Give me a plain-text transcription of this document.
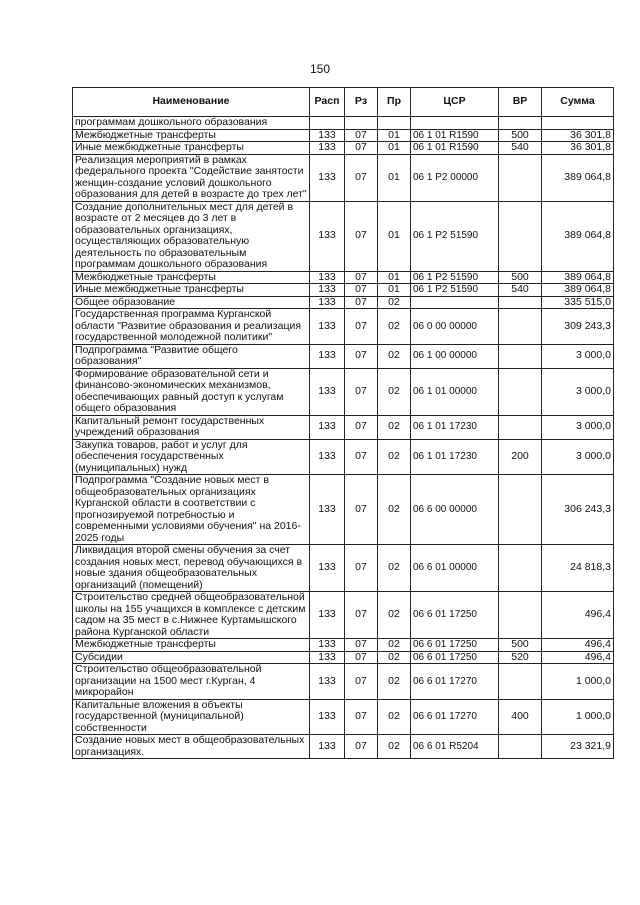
150
Наименование	Расп	Рз	Пр	ЦСР	ВР	Сумма
программам дошкольного образования						
Межбюджетные трансферты	133	07	01	06 1 01 R1590	500	36 301,8
Иные межбюджетные трансферты	133	07	01	06 1 01 R1590	540	36 301,8
Реализация мероприятий в рамках федерального проекта "Содействие занятости женщин-создание условий дошкольного образования для детей в возрасте до трех лет"	133	07	01	06 1 P2 00000		389 064,8
Создание дополнительных мест для детей в возрасте от 2 месяцев до 3 лет в образовательных организациях, осуществляющих образовательную деятельность по образовательным программам дошкольного образования	133	07	01	06 1 P2 51590		389 064,8
Межбюджетные трансферты	133	07	01	06 1 P2 51590	500	389 064,8
Иные межбюджетные трансферты	133	07	01	06 1 P2 51590	540	389 064,8
Общее образование	133	07	02			335 515,0
Государственная программа Курганской области "Развитие образования и реализация государственной молодежной политики"	133	07	02	06 0 00 00000		309 243,3
Подпрограмма "Развитие общего образования"	133	07	02	06 1 00 00000		3 000,0
Формирование образовательной сети и финансово-экономических механизмов, обеспечивающих равный доступ к услугам общего образования	133	07	02	06 1 01 00000		3 000,0
Капитальный ремонт государственных учреждений образования	133	07	02	06 1 01 17230		3 000,0
Закупка товаров, работ и услуг для обеспечения государственных (муниципальных) нужд	133	07	02	06 1 01 17230	200	3 000,0
Подпрограмма "Создание новых мест в общеобразовательных организациях Курганской области в соответствии с прогнозируемой потребностью и современными условиями обучения" на 2016-2025 годы	133	07	02	06 6 00 00000		306 243,3
Ликвидация второй смены обучения за счет создания новых мест, перевод обучающихся в новые здания общеобразовательных организаций (помещений)	133	07	02	06 6 01 00000		24 818,3
Строительство средней общеобразовательной школы на 155 учащихся в комплексе с детским садом на 35 мест в с.Нижнее Куртамышского района Курганской области	133	07	02	06 6 01 17250		496,4
Межбюджетные трансферты	133	07	02	06 6 01 17250	500	496,4
Субсидии	133	07	02	06 6 01 17250	520	496,4
Строительство общеобразовательной организации на 1500 мест г.Курган, 4 микрорайон	133	07	02	06 6 01 17270		1 000,0
Капитальные вложения в объекты государственной (муниципальной) собственности	133	07	02	06 6 01 17270	400	1 000,0
Создание новых мест в общеобразовательных организациях.	133	07	02	06 6 01 R5204		23 321,9
